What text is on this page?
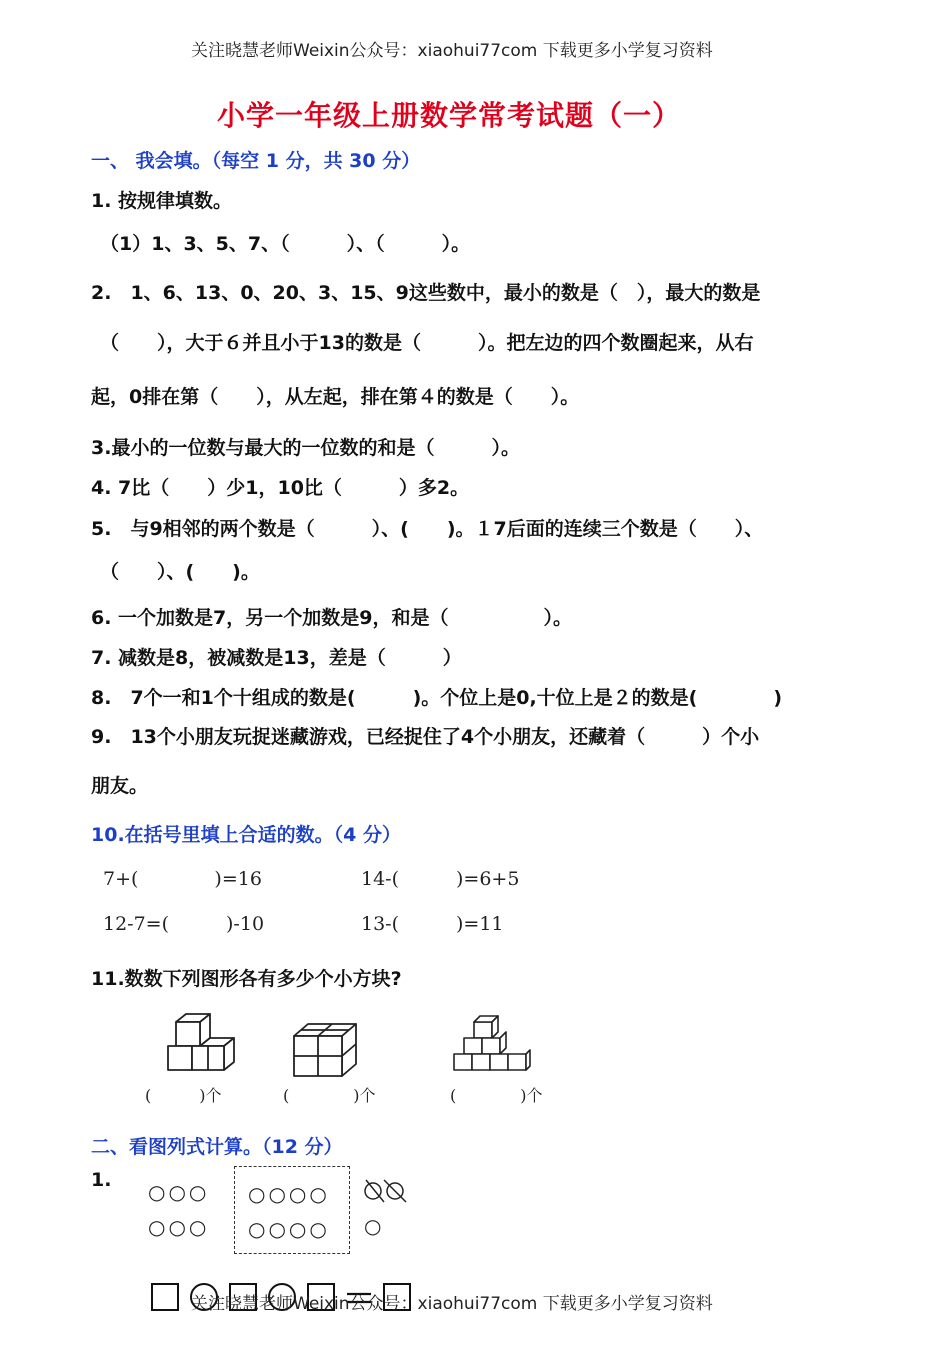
关注晓慧老师Weixin公众号：xiaohui77com 下载更多小学复习资料
小学一年级上册数学常考试题（一）
一、 我会填。（每空 1 分，共 30 分）
1. 按规律填数。
（1）1、3、5、7、（　　　）、（　　　）。
2.　1、6、13、0、20、3、15、9这些数中，最小的数是（　），最大的数是
（　　），大于６并且小于13的数是（　　　）。把左边的四个数圈起来，从右
起，0排在第（　　），从左起，排在第４的数是（　　）。
3.最小的一位数与最大的一位数的和是（　　　）。
4. 7比（　　）少1，10比（　　　）多2。
5.　与9相邻的两个数是（　　　）、(　　)。１7后面的连续三个数是（　　）、
（　　）、(　　)。
6. 一个加数是7，另一个加数是9，和是（　　　　　）。
7. 减数是8，被减数是13，差是（　　　）
8.　7个一和1个十组成的数是(　　　)。个位上是0,十位上是２的数是(　　　　)
9.　13个小朋友玩捉迷藏游戏，已经捉住了4个小朋友，还藏着（　　　）个小
朋友。
10.在括号里填上合适的数。（4 分）
7+(　　　　)=16	14-(　　　)=6+5
12-7=(　　　)-10	13-(　　　)=11
11.数数下列图形各有多少个小方块?
(　　　)个	(　　　　)个	(　　　　)个
二、看图列式计算。（12 分）
1. ○○○
○○○
○○○○
○○○○ ○
关注晓慧老师Weixin公众号：xiaohui77com 下载更多小学复习资料
